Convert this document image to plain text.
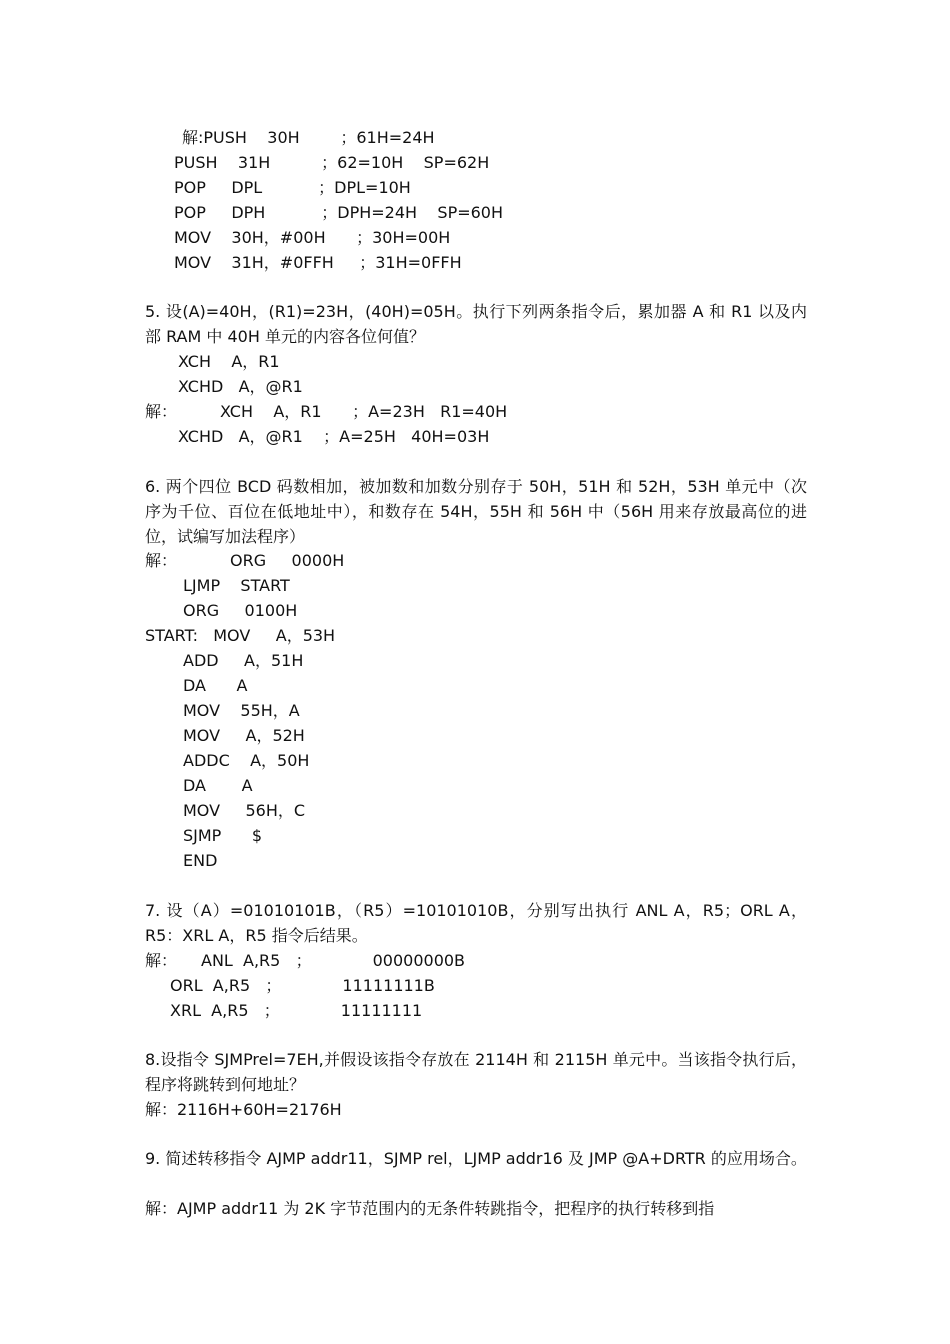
解:PUSH    30H        ；61H=24H
PUSH    31H          ；62=10H    SP=62H
POP     DPL           ；DPL=10H
POP     DPH           ；DPH=24H    SP=60H
MOV    30H，#00H      ；30H=00H
MOV    31H，#0FFH     ；31H=0FFH
5. 设(A)=40H，(R1)=23H，(40H)=05H。执行下列两条指令后，累加器 A 和 R1 以及内部 RAM 中 40H 单元的内容各位何值？
XCH    A，R1
XCHD   A，@R1
解：	XCH    A，R1      ；A=23H   R1=40H
XCHD   A，@R1    ；A=25H   40H=03H
6. 两个四位 BCD 码数相加，被加数和加数分别存于 50H，51H 和 52H，53H 单元中（次序为千位、百位在低地址中），和数存在 54H，55H 和 56H 中（56H 用来存放最高位的进位，试编写加法程序）
解：	ORG     0000H
LJMP    START
ORG     0100H
START:   MOV     A，53H
ADD     A，51H
DA      A
MOV    55H，A
MOV     A，52H
ADDC    A，50H
DA       A
MOV     56H，C
SJMP      $
END
7. 设（A）=01010101B，（R5）=10101010B，分别写出执行 ANL A，R5；ORL A，R5：XRL A，R5 指令后结果。
解： ANL  A,R5   ；            00000000B
ORL  A,R5   ；            11111111B
XRL  A,R5   ；            11111111
8.设指令 SJMPrel=7EH,并假设该指令存放在 2114H 和 2115H 单元中。当该指令执行后，程序将跳转到何地址？
解：2116H+60H=2176H
9. 简述转移指令 AJMP addr11，SJMP rel，LJMP addr16 及 JMP @A+DRTR 的应用场合。
解：AJMP addr11 为 2K 字节范围内的无条件转跳指令，把程序的执行转移到指
